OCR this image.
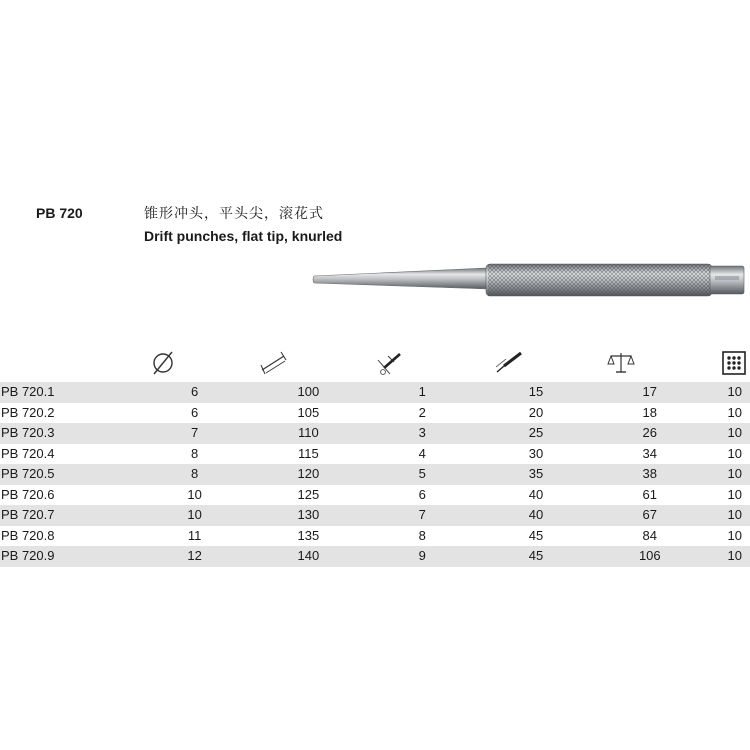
PB 720	锥形冲头，平头尖，滚花式
Drift punches, flat tip, knurled
PB 720.1	6	100	1	15	17	10
PB 720.2	6	105	2	20	18	10
PB 720.3	7	110	3	25	26	10
PB 720.4	8	115	4	30	34	10
PB 720.5	8	120	5	35	38	10
PB 720.6	10	125	6	40	61	10
PB 720.7	10	130	7	40	67	10
PB 720.8	11	135	8	45	84	10
PB 720.9	12	140	9	45	106	10
